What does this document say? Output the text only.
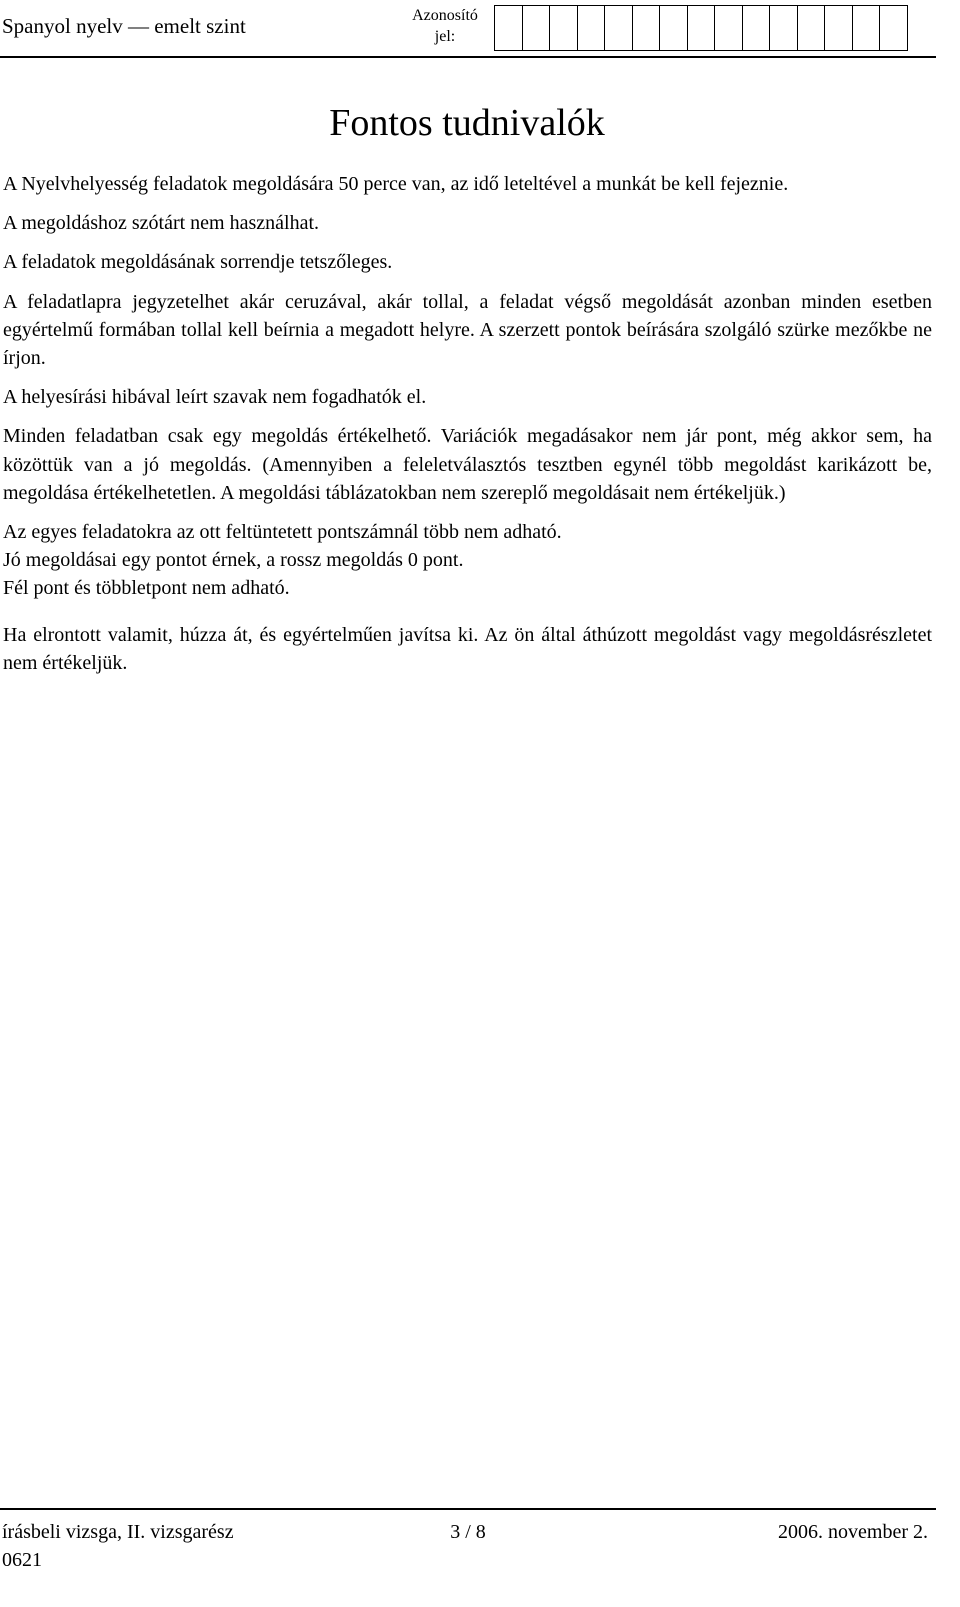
Spanyol nyelv — emelt szint	Azonosító jel:
Fontos tudnivalók

A Nyelvhelyesség feladatok megoldására 50 perce van, az idő leteltével a munkát be kell fejeznie.

A megoldáshoz szótárt nem használhat.

A feladatok megoldásának sorrendje tetszőleges.

A feladatlapra jegyzetelhet akár ceruzával, akár tollal, a feladat végső megoldását azonban minden esetben egyértelmű formában tollal kell beírnia a megadott helyre. A szerzett pontok beírására szolgáló szürke mezőkbe ne írjon.

A helyesírási hibával leírt szavak nem fogadhatók el.

Minden feladatban csak egy megoldás értékelhető. Variációk megadásakor nem jár pont, még akkor sem, ha közöttük van a jó megoldás. (Amennyiben a feleletválasztós tesztben egynél több megoldást karikázott be, megoldása értékelhetetlen. A megoldási táblázatokban nem szereplő megoldásait nem értékeljük.)

Az egyes feladatokra az ott feltüntetett pontszámnál több nem adható.

Jó megoldásai egy pontot érnek, a rossz megoldás 0 pont.

Fél pont és többletpont nem adható.

Ha elrontott valamit, húzza át, és egyértelműen javítsa ki. Az ön által áthúzott megoldást vagy megoldásrészletet nem értékeljük.

írásbeli vizsga, II. vizsgarész	3 / 8	2006. november 2.
0621
